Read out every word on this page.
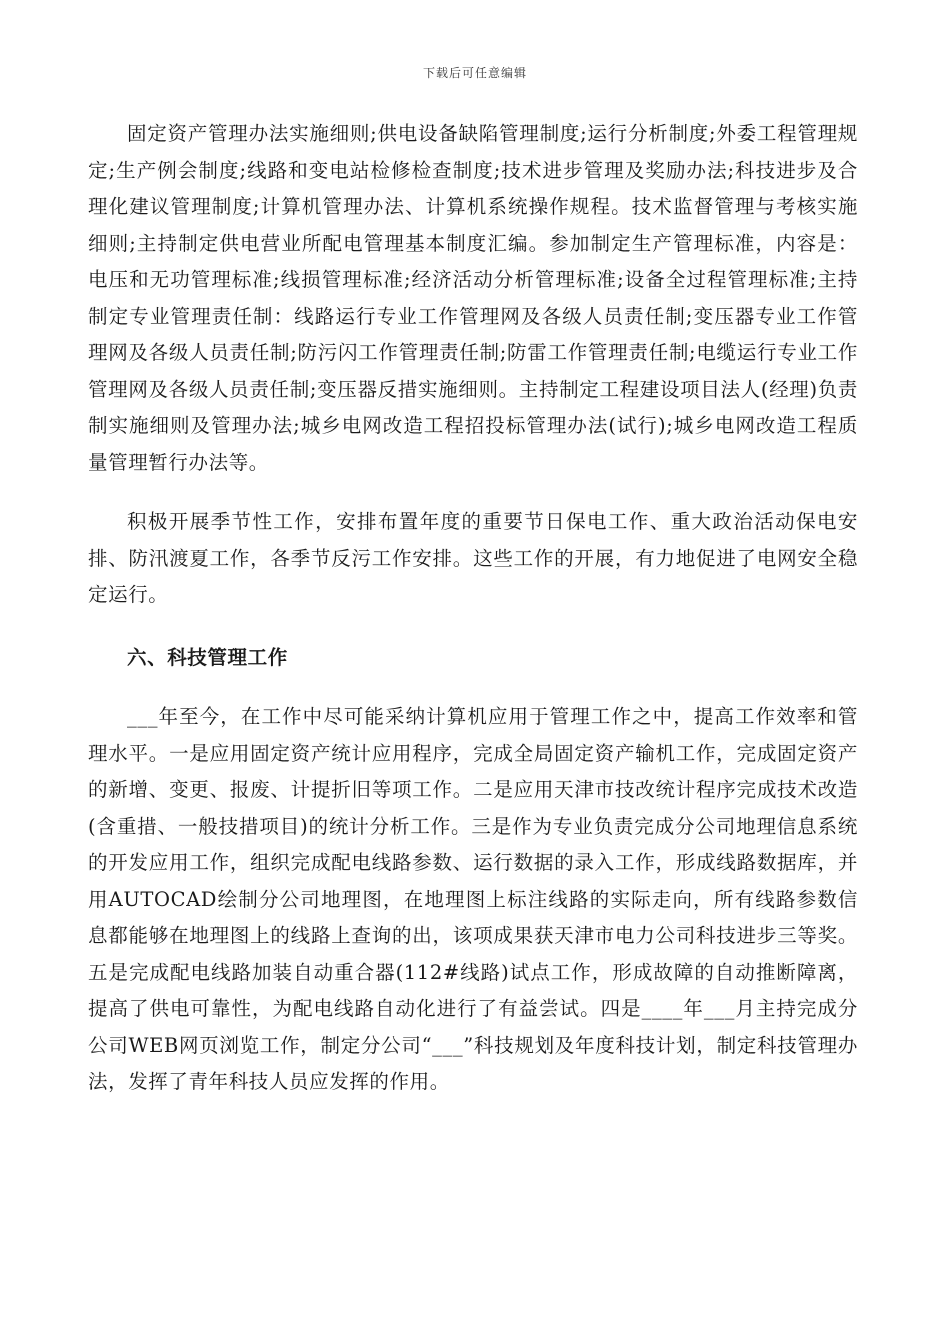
下载后可任意编辑

固定资产管理办法实施细则;供电设备缺陷管理制度;运行分析制度;外委工程管理规定;生产例会制度;线路和变电站检修检查制度;技术进步管理及奖励办法;科技进步及合理化建议管理制度;计算机管理办法、计算机系统操作规程。技术监督管理与考核实施细则;主持制定供电营业所配电管理基本制度汇编。参加制定生产管理标准，内容是：电压和无功管理标准;线损管理标准;经济活动分析管理标准;设备全过程管理标准;主持制定专业管理责任制：线路运行专业工作管理网及各级人员责任制;变压器专业工作管理网及各级人员责任制;防污闪工作管理责任制;防雷工作管理责任制;电缆运行专业工作管理网及各级人员责任制;变压器反措实施细则。主持制定工程建设项目法人(经理)负责制实施细则及管理办法;城乡电网改造工程招投标管理办法(试行);城乡电网改造工程质量管理暂行办法等。

积极开展季节性工作，安排布置年度的重要节日保电工作、重大政治活动保电安排、防汛渡夏工作，各季节反污工作安排。这些工作的开展，有力地促进了电网安全稳定运行。

六、科技管理工作

___年至今，在工作中尽可能采纳计算机应用于管理工作之中，提高工作效率和管理水平。一是应用固定资产统计应用程序，完成全局固定资产输机工作，完成固定资产的新增、变更、报废、计提折旧等项工作。二是应用天津市技改统计程序完成技术改造(含重措、一般技措项目)的统计分析工作。三是作为专业负责完成分公司地理信息系统的开发应用工作，组织完成配电线路参数、运行数据的录入工作，形成线路数据库，并用AUTOCAD绘制分公司地理图，在地理图上标注线路的实际走向，所有线路参数信息都能够在地理图上的线路上查询的出，该项成果获天津市电力公司科技进步三等奖。五是完成配电线路加装自动重合器(112#线路)试点工作，形成故障的自动推断障离，提高了供电可靠性，为配电线路自动化进行了有益尝试。四是____年___月主持完成分公司WEB网页浏览工作，制定分公司“___”科技规划及年度科技计划，制定科技管理办法，发挥了青年科技人员应发挥的作用。
